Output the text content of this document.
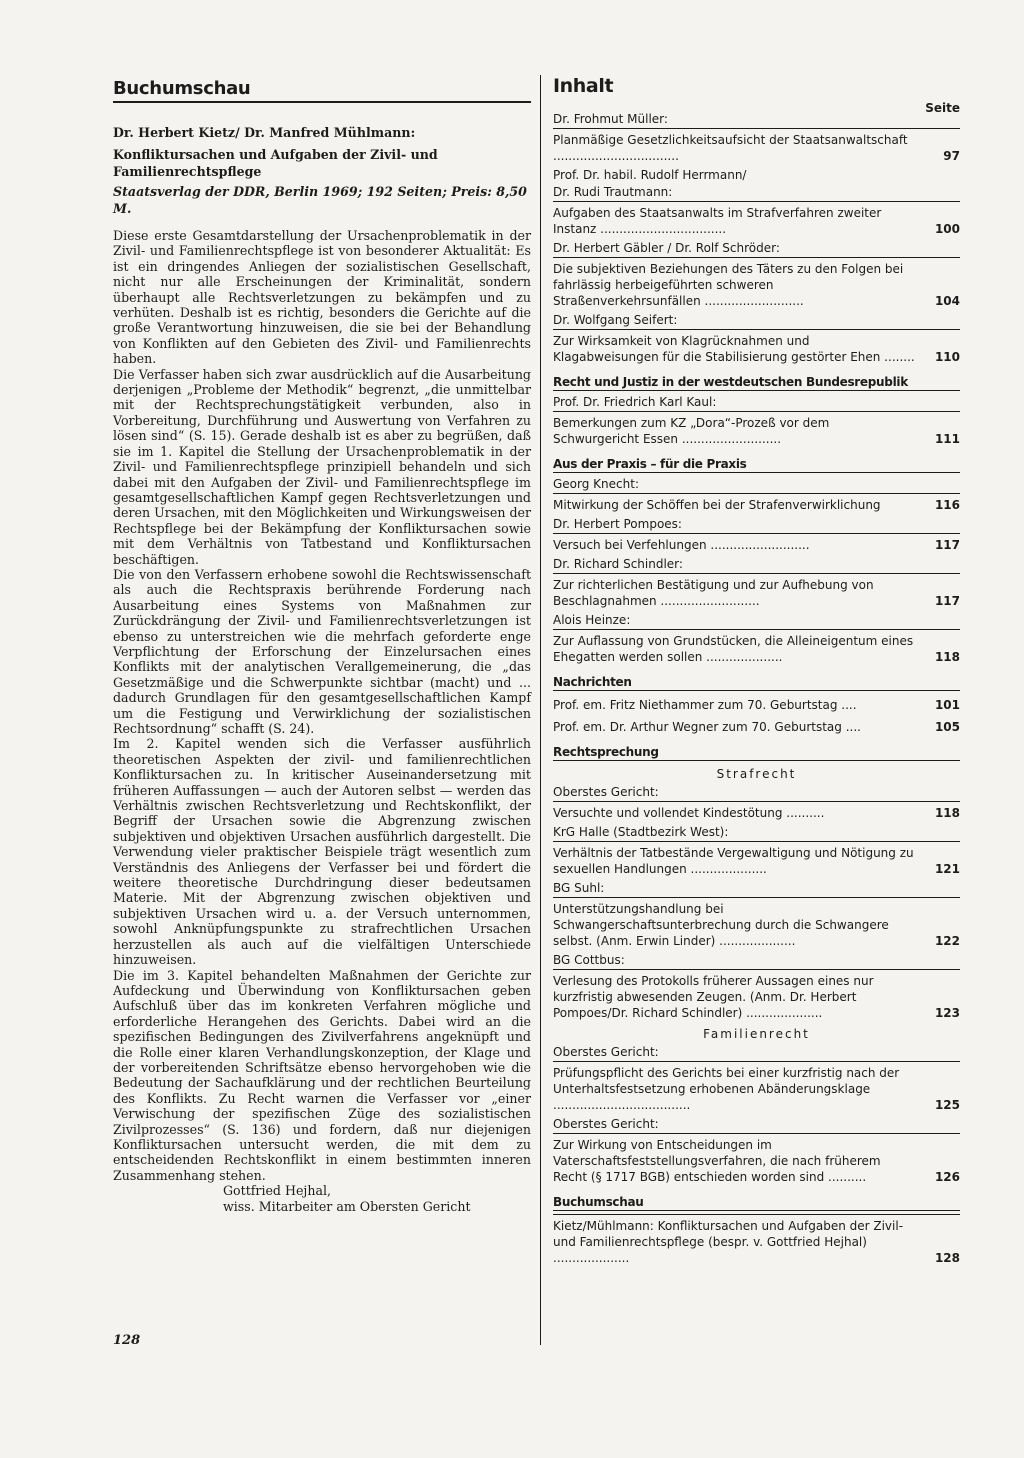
Buchumschau
Dr. Herbert Kietz/ Dr. Manfred Mühlmann:
Konfliktursachen und Aufgaben der Zivil- und Familienrechtspflege
Staatsverlag der DDR, Berlin 1969; 192 Seiten; Preis: 8,50 M.

Diese erste Gesamtdarstellung der Ursachenproblematik in der Zivil- und Familienrechtspflege ist von besonderer Aktualität: Es ist ein dringendes Anliegen der sozialistischen Gesellschaft, nicht nur alle Erscheinungen der Kriminalität, sondern überhaupt alle Rechtsverletzungen zu bekämpfen und zu verhüten. Deshalb ist es richtig, besonders die Gerichte auf die große Verantwortung hinzuweisen, die sie bei der Behandlung von Konflikten auf den Gebieten des Zivil- und Familienrechts haben.

Die Verfasser haben sich zwar ausdrücklich auf die Ausarbeitung derjenigen „Probleme der Methodik“ begrenzt, „die unmittelbar mit der Rechtsprechungstätigkeit verbunden, also in Vorbereitung, Durchführung und Auswertung von Verfahren zu lösen sind“ (S. 15). Gerade deshalb ist es aber zu begrüßen, daß sie im 1. Kapitel die Stellung der Ursachenproblematik in der Zivil- und Familienrechtspflege prinzipiell behandeln und sich dabei mit den Aufgaben der Zivil- und Familienrechtspflege im gesamtgesellschaftlichen Kampf gegen Rechtsverletzungen und deren Ursachen, mit den Möglichkeiten und Wirkungsweisen der Rechtspflege bei der Bekämpfung der Konfliktursachen sowie mit dem Verhältnis von Tatbestand und Konfliktursachen beschäftigen.

Die von den Verfassern erhobene sowohl die Rechtswissenschaft als auch die Rechtspraxis berührende Forderung nach Ausarbeitung eines Systems von Maßnahmen zur Zurückdrängung der Zivil- und Familienrechtsverletzungen ist ebenso zu unterstreichen wie die mehrfach geforderte enge Verpflichtung der Erforschung der Einzelursachen eines Konflikts mit der analytischen Verallgemeinerung, die „das Gesetzmäßige und die Schwerpunkte sichtbar (macht) und ... dadurch Grundlagen für den gesamtgesellschaftlichen Kampf um die Festigung und Verwirklichung der sozialistischen Rechtsordnung“ schafft (S. 24).

Im 2. Kapitel wenden sich die Verfasser ausführlich theoretischen Aspekten der zivil- und familienrechtlichen Konfliktursachen zu. In kritischer Auseinandersetzung mit früheren Auffassungen — auch der Autoren selbst — werden das Verhältnis zwischen Rechtsverletzung und Rechtskonflikt, der Begriff der Ursachen sowie die Abgrenzung zwischen subjektiven und objektiven Ursachen ausführlich dargestellt. Die Verwendung vieler praktischer Beispiele trägt wesentlich zum Verständnis des Anliegens der Verfasser bei und fördert die weitere theoretische Durchdringung dieser bedeutsamen Materie. Mit der Abgrenzung zwischen objektiven und subjektiven Ursachen wird u. a. der Versuch unternommen, sowohl Anknüpfungspunkte zu strafrechtlichen Ursachen herzustellen als auch auf die vielfältigen Unterschiede hinzuweisen.

Die im 3. Kapitel behandelten Maßnahmen der Gerichte zur Aufdeckung und Überwindung von Konfliktursachen geben Aufschluß über das im konkreten Verfahren mögliche und erforderliche Herangehen des Gerichts. Dabei wird an die spezifischen Bedingungen des Zivilverfahrens angeknüpft und die Rolle einer klaren Verhandlungskonzeption, der Klage und der vorbereitenden Schriftsätze ebenso hervorgehoben wie die Bedeutung der Sachaufklärung und der rechtlichen Beurteilung des Konflikts. Zu Recht warnen die Verfasser vor „einer Verwischung der spezifischen Züge des sozialistischen Zivilprozesses“ (S. 136) und fordern, daß nur diejenigen Konfliktursachen untersucht werden, die mit dem zu entscheidenden Rechtskonflikt in einem bestimmten inneren Zusammenhang stehen.

Gottfried Hejhal,
wiss. Mitarbeiter am Obersten Gericht
128
Inhalt
Seite
Dr. Frohmut Müller:
Planmäßige Gesetzlichkeitsaufsicht der Staatsanwaltschaft .................................	97
Prof. Dr. habil. Rudolf Herrmann/
Dr. Rudi Trautmann:
Aufgaben des Staatsanwalts im Strafverfahren zweiter Instanz .................................	100
Dr. Herbert Gäbler / Dr. Rolf Schröder:
Die subjektiven Beziehungen des Täters zu den Folgen bei fahrlässig herbeigeführten schweren Straßenverkehrsunfällen ..........................	104
Dr. Wolfgang Seifert:
Zur Wirksamkeit von Klagrücknahmen und Klagabweisungen für die Stabilisierung gestörter Ehen ........	110
Recht und Justiz in der westdeutschen Bundesrepublik
Prof. Dr. Friedrich Karl Kaul:
Bemerkungen zum KZ „Dora“-Prozeß vor dem Schwurgericht Essen ..........................	111
Aus der Praxis – für die Praxis
Georg Knecht:
Mitwirkung der Schöffen bei der Strafenverwirklichung	116
Dr. Herbert Pompoes:
Versuch bei Verfehlungen ..........................	117
Dr. Richard Schindler:
Zur richterlichen Bestätigung und zur Aufhebung von Beschlagnahmen ..........................	117
Alois Heinze:
Zur Auflassung von Grundstücken, die Alleineigentum eines Ehegatten werden sollen ....................	118
Nachrichten
Prof. em. Fritz Niethammer zum 70. Geburtstag ....	101
Prof. em. Dr. Arthur Wegner zum 70. Geburtstag ....	105
Rechtsprechung
Strafrecht
Oberstes Gericht:
Versuchte und vollendet Kindestötung ..........	118
KrG Halle (Stadtbezirk West):
Verhältnis der Tatbestände Vergewaltigung und Nötigung zu sexuellen Handlungen ....................	121
BG Suhl:
Unterstützungshandlung bei Schwangerschaftsunterbrechung durch die Schwangere selbst. (Anm. Erwin Linder) ....................	122
BG Cottbus:
Verlesung des Protokolls früherer Aussagen eines nur kurzfristig abwesenden Zeugen. (Anm. Dr. Herbert Pompoes/Dr. Richard Schindler) ....................	123
Familienrecht
Oberstes Gericht:
Prüfungspflicht des Gerichts bei einer kurzfristig nach der Unterhaltsfestsetzung erhobenen Abänderungsklage ....................................	125
Oberstes Gericht:
Zur Wirkung von Entscheidungen im Vaterschaftsfeststellungsverfahren, die nach früherem Recht (§ 1717 BGB) entschieden worden sind ..........	126
Buchumschau
Kietz/Mühlmann: Konfliktursachen und Aufgaben der Zivil- und Familienrechtspflege (bespr. v. Gottfried Hejhal) ....................	128
